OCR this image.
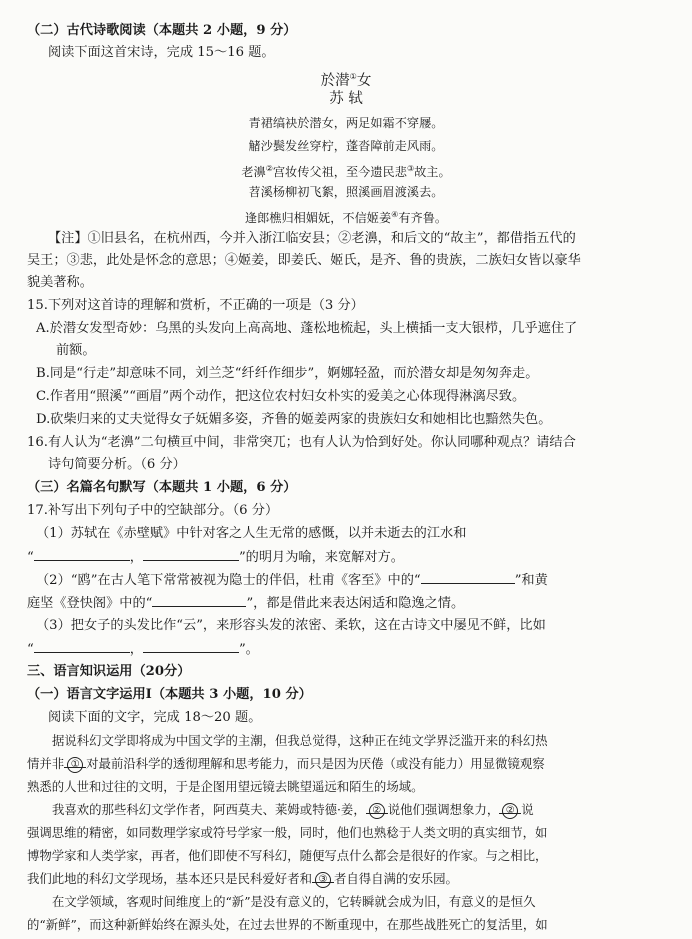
（二）古代诗歌阅读（本题共 2 小题，9 分）
阅读下面这首宋诗，完成 15～16 题。
於潜①女
苏 轼
青裙缟袂於潜女，两足如霜不穿屦。
觰沙鬓发丝穿柠，蓬沓障前走风雨。
老濞②宫妆传父祖，至今遗民悲③故主。
苕溪杨柳初飞絮，照溪画眉渡溪去。
逢郎樵归相媚妩，不信姬姜④有齐鲁。
【注】①旧县名，在杭州西，今并入浙江临安县；②老濞，和后文的“故主”，都借指五代的
吴王；③悲，此处是怀念的意思；④姬姜，即姜氏、姬氏，是齐、鲁的贵族，二族妇女皆以豪华
貌美著称。
15.下列对这首诗的理解和赏析，不正确的一项是（3 分）
A.於潜女发型奇妙：乌黑的头发向上高高地、蓬松地梳起，头上横插一支大银栉，几乎遮住了
前额。
B.同是“行走”却意味不同，刘兰芝“纤纤作细步”，婀娜轻盈，而於潜女却是匆匆奔走。
C.作者用“照溪”“画眉”两个动作，把这位农村妇女朴实的爱美之心体现得淋漓尽致。
D.砍柴归来的丈夫觉得女子妩媚多姿，齐鲁的姬姜两家的贵族妇女和她相比也黯然失色。
16.有人认为“老濞”二句横亘中间，非常突兀；也有人认为恰到好处。你认同哪种观点？请结合
诗句简要分析。（6 分）
（三）名篇名句默写（本题共 1 小题，6 分）
17.补写出下列句子中的空缺部分。（6 分）
（1）苏轼在《赤壁赋》中针对客之人生无常的感慨，以并未逝去的江水和
“	，	”的明月为喻，来宽解对方。
（2）“鸥”在古人笔下常常被视为隐士的伴侣，杜甫《客至》中的“	”和黄
庭坚《登快阁》中的“	”，都是借此来表达闲适和隐逸之情。
（3）把女子的头发比作“云”，来形容头发的浓密、柔软，这在古诗文中屡见不鲜，比如
“	，	”。
三、语言知识运用（20分）
（一）语言文字运用Ⅰ（本题共 3 小题，10 分）
阅读下面的文字，完成 18～20 题。
据说科幻文学即将成为中国文学的主潮，但我总觉得，这种正在纯文学界泛滥开来的科幻热
情并非 ① 对最前沿科学的透彻理解和思考能力，而只是因为厌倦（或没有能力）用显微镜观察
熟悉的人世和过往的文明，于是企图用望远镜去眺望遥远和陌生的场域。
我喜欢的那些科幻文学作者，阿西莫夫、莱姆或特德·姜， ② 说他们强调想象力， ② 说
强调思维的精密，如同数理学家或符号学家一般，同时，他们也熟稔于人类文明的真实细节，如
博物学家和人类学家，再者，他们即使不写科幻，随便写点什么都会是很好的作家。与之相比，
我们此地的科幻文学现场，基本还只是民科爱好者和 ③ 者自得自满的安乐园。
在文学领域，客观时间维度上的“新”是没有意义的，它转瞬就会成为旧，有意义的是恒久
的“新鲜”，而这种新鲜始终在源头处，在过去世界的不断重现中，在那些战胜死亡的复活里，如
